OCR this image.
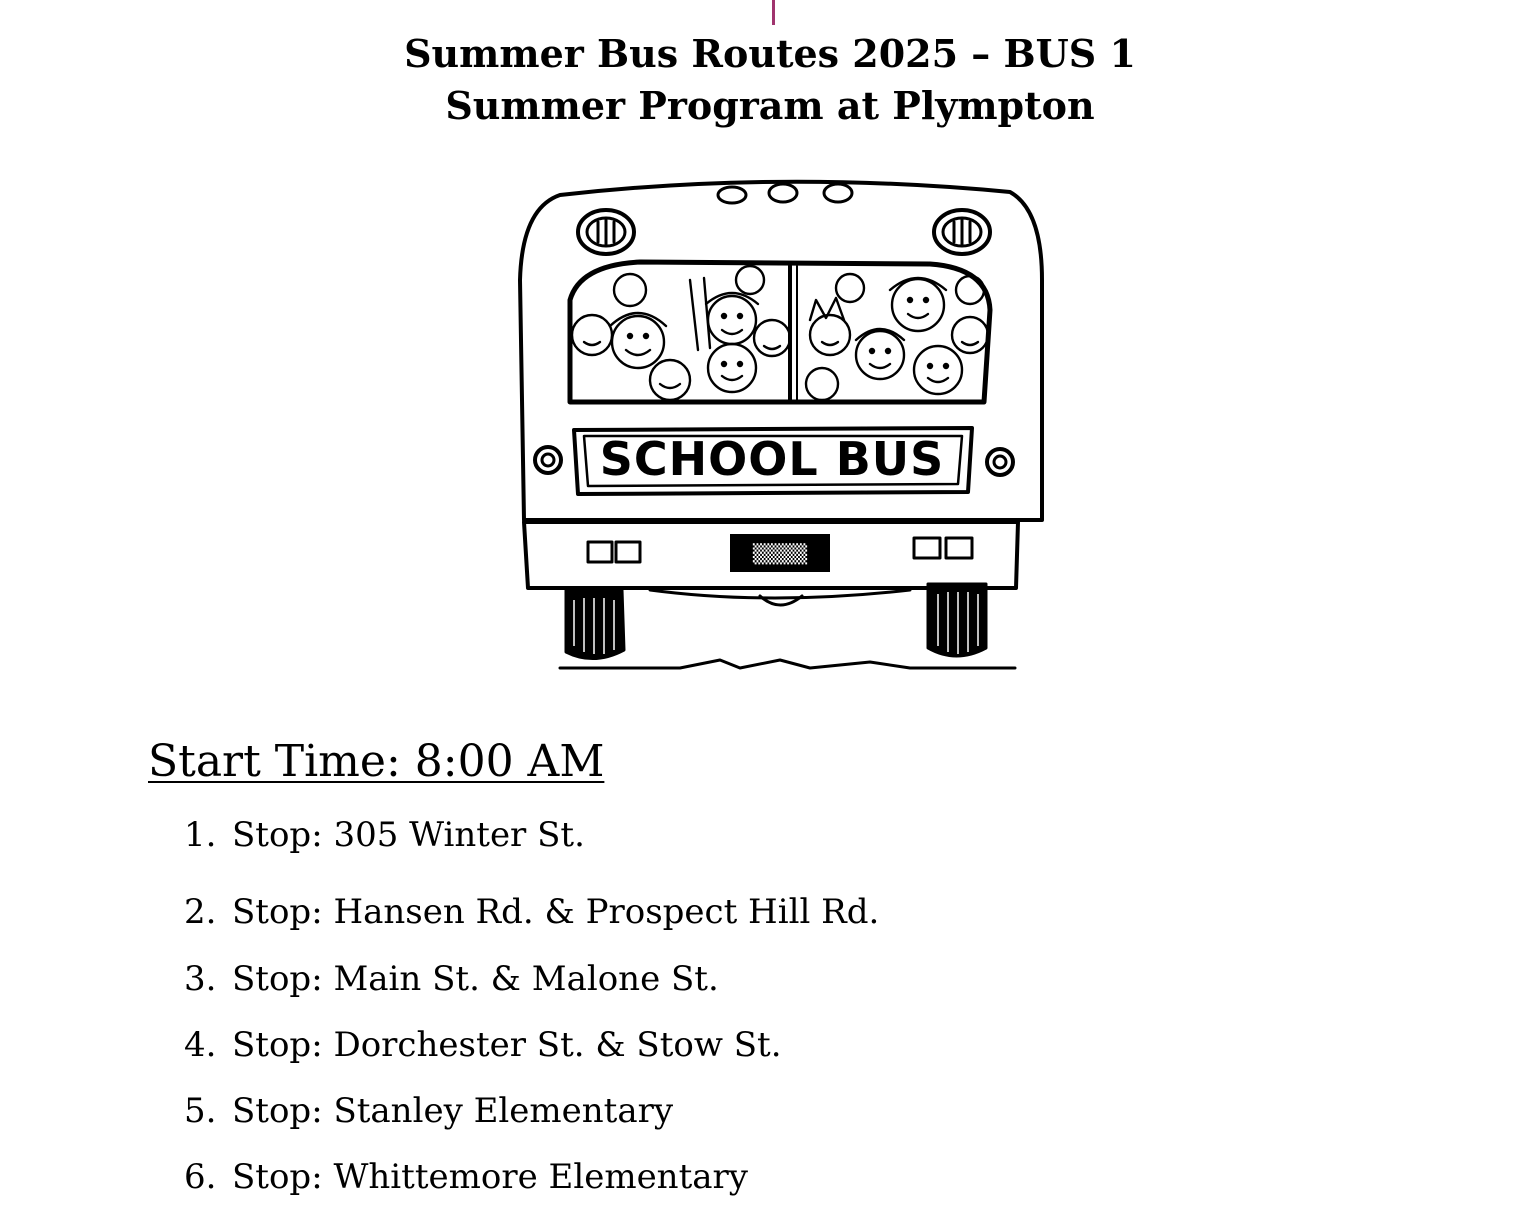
Summer Bus Routes 2025 – BUS 1
Summer Program at Plympton
▒▒▒▒▒
SCHOOL BUS
Start Time: 8:00 AM
1. Stop: 305 Winter St.
2. Stop: Hansen Rd. & Prospect Hill Rd.
3. Stop: Main St. & Malone St.
4. Stop: Dorchester St. & Stow St.
5. Stop: Stanley Elementary
6. Stop: Whittemore Elementary
